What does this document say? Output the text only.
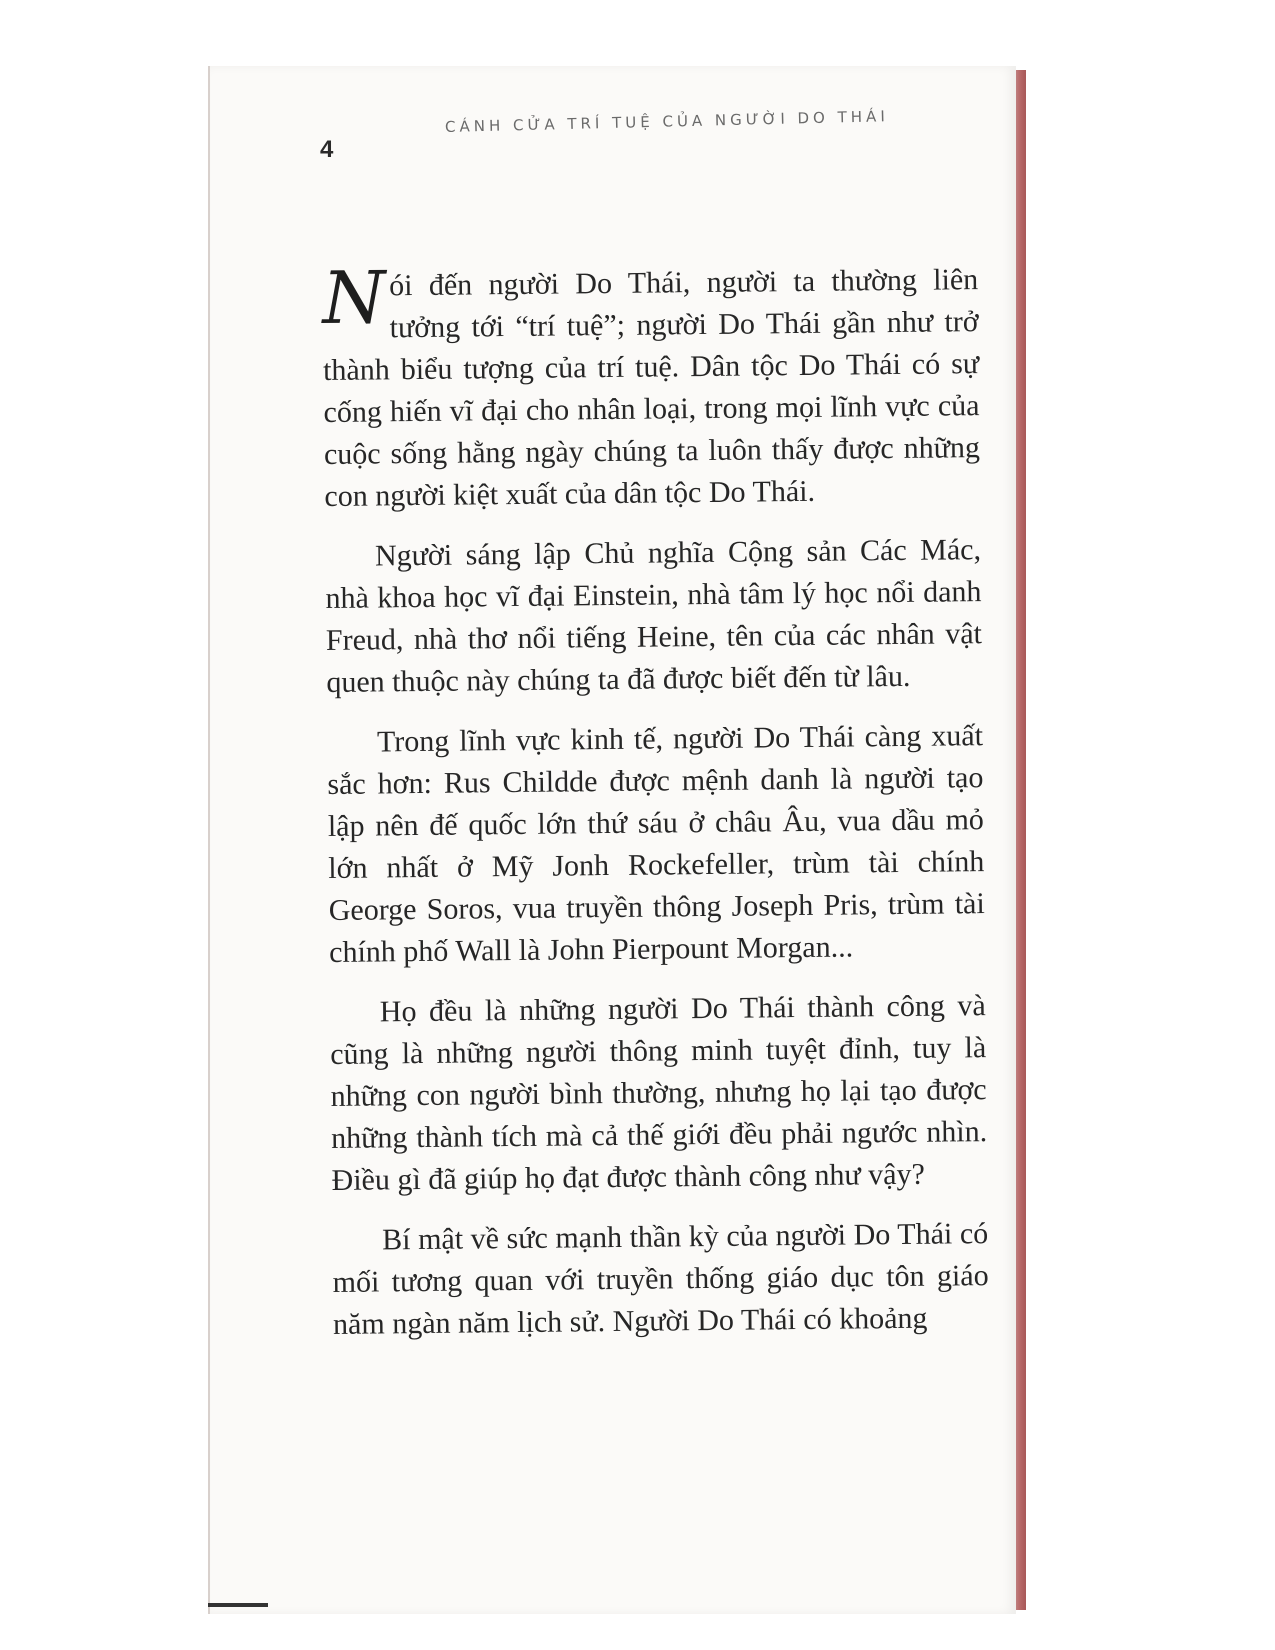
4
CÁNH CỬA TRÍ TUỆ CỦA NGƯỜI DO THÁI

Nói đến người Do Thái, người ta thường liên tưởng tới “trí tuệ”; người Do Thái gần như trở thành biểu tượng của trí tuệ. Dân tộc Do Thái có sự cống hiến vĩ đại cho nhân loại, trong mọi lĩnh vực của cuộc sống hằng ngày chúng ta luôn thấy được những con người kiệt xuất của dân tộc Do Thái.

Người sáng lập Chủ nghĩa Cộng sản Các Mác, nhà khoa học vĩ đại Einstein, nhà tâm lý học nổi danh Freud, nhà thơ nổi tiếng Heine, tên của các nhân vật quen thuộc này chúng ta đã được biết đến từ lâu.

Trong lĩnh vực kinh tế, người Do Thái càng xuất sắc hơn: Rus Childde được mệnh danh là người tạo lập nên đế quốc lớn thứ sáu ở châu Âu, vua dầu mỏ lớn nhất ở Mỹ Jonh Rockefeller, trùm tài chính George Soros, vua truyền thông Joseph Pris, trùm tài chính phố Wall là John Pierpount Morgan...

Họ đều là những người Do Thái thành công và cũng là những người thông minh tuyệt đỉnh, tuy là những con người bình thường, nhưng họ lại tạo được những thành tích mà cả thế giới đều phải ngước nhìn. Điều gì đã giúp họ đạt được thành công như vậy?

Bí mật về sức mạnh thần kỳ của người Do Thái có mối tương quan với truyền thống giáo dục tôn giáo năm ngàn năm lịch sử. Người Do Thái có khoảng
